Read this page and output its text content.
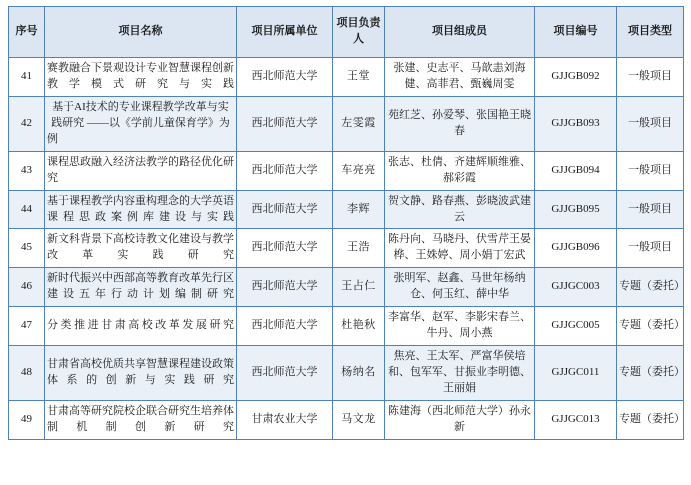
序号	项目名称	项目所属单位	项目负责人	项目组成员	项目编号	项目类型
41	赛教融合下景观设计专业智慧课程创新教学模式研究与实践	西北师范大学	王堂	张建、史志平、马歆恚刘海健、高菲君、甄巍周雯	GJJGB092	一般项目
42	基于AI技术的专业课程教学改革与实践研究 ——以《学前儿童保育学》为例	西北师范大学	左雯霞	苑红芝、孙爱琴、张国艳王晓春	GJJGB093	一般项目
43	课程思政融入经济法教学的路径优化研究	西北师范大学	车亮亮	张志、杜倩、齐建辉顺维雅、郝彩霞	GJJGB094	一般项目
44	基于课程教学内容重构理念的大学英语课程思政案例库建设与实践	西北师范大学	李辉	贺文静、路春燕、彭晓波武建云	GJJGB095	一般项目
45	新文科背景下高校诗教文化建设与教学改革实践研究	西北师范大学	王浩	陈丹向、马晓丹、伏雪芹王晏桦、王姝婷、周小娟丁宏武	GJJGB096	一般项目
46	新时代振兴中西部高等教育改革先行区建设五年行动计划编制研究	西北师范大学	王占仁	张明军、赵鑫、马世年杨纳仓、何玉红、薛中华	GJJGC003	专题（委托）
47	分类推进甘肃高校改革发展研究	西北师范大学	杜艳秋	李富华、赵军、李影宋春兰、牛丹、周小燕	GJJGC005	专题（委托）
48	甘肃省高校优质共享智慧课程建设政策体系的创新与实践研究	西北师范大学	杨纳名	焦亮、王太军、严富华侯培和、包军军、甘振业李明德、王丽娟	GJJGC011	专题（委托）
49	甘肃高等研究院校企联合研究生培养体制机制创新研究	甘肃农业大学	马文龙	陈建海（西北师范大学）孙永新	GJJGC013	专题（委托）
